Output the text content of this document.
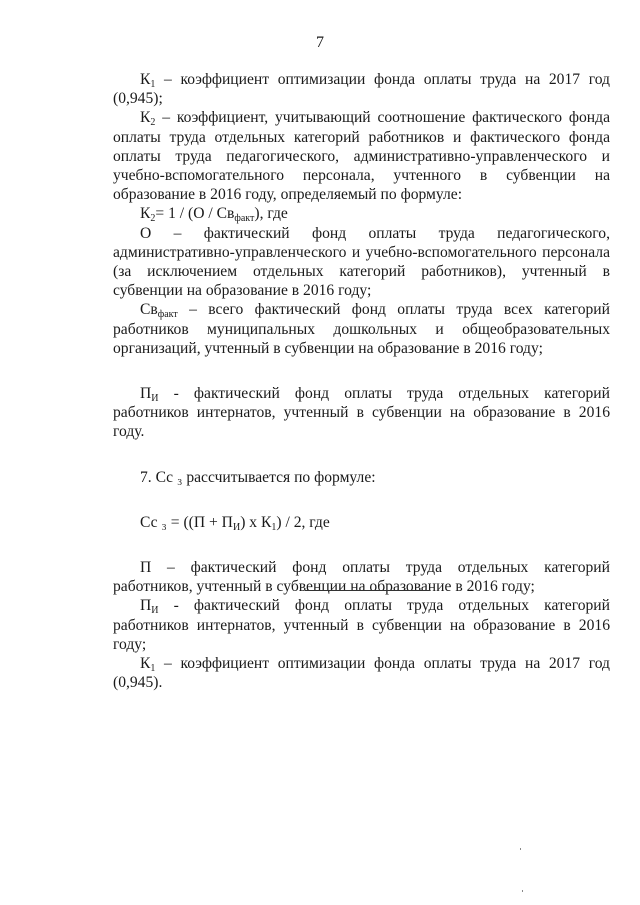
7

$К_1$ – коэффициент оптимизации фонда оплаты труда на 2017 год (0,945);

$К_2$ – коэффициент, учитывающий соотношение фактического фонда оплаты труда отдельных категорий работников и фактического фонда оплаты труда педагогического, административно-управленческого и учебно-вспомогательного персонала, учтенного в субвенции на образование в 2016 году, определяемый по формуле:

$К_2= 1 / (О / Св_{факт})$, где

О – фактический фонд оплаты труда педагогического, административно-управленческого и учебно-вспомогательного персонала (за исключением отдельных категорий работников), учтенный в субвенции на образование в 2016 году;

$Св_{факт}$ – всего фактический фонд оплаты труда всех категорий работников муниципальных дошкольных и общеобразовательных организаций, учтенный в субвенции на образование в 2016 году;

$П_И$ - фактический фонд оплаты труда отдельных категорий работников интернатов, учтенный в субвенции на образование в 2016 году.

7. Сс ₃ рассчитывается по формуле:

Сс $_3 = ((П + П_И)$ х $К_1) / 2$, где

П – фактический фонд оплаты труда отдельных категорий работников, учтенный в субвенции на образование в 2016 году;

$П_И$ - фактический фонд оплаты труда отдельных категорий работников интернатов, учтенный в субвенции на образование в 2016 году;

$К_1$ – коэффициент оптимизации фонда оплаты труда на 2017 год (0,945).
